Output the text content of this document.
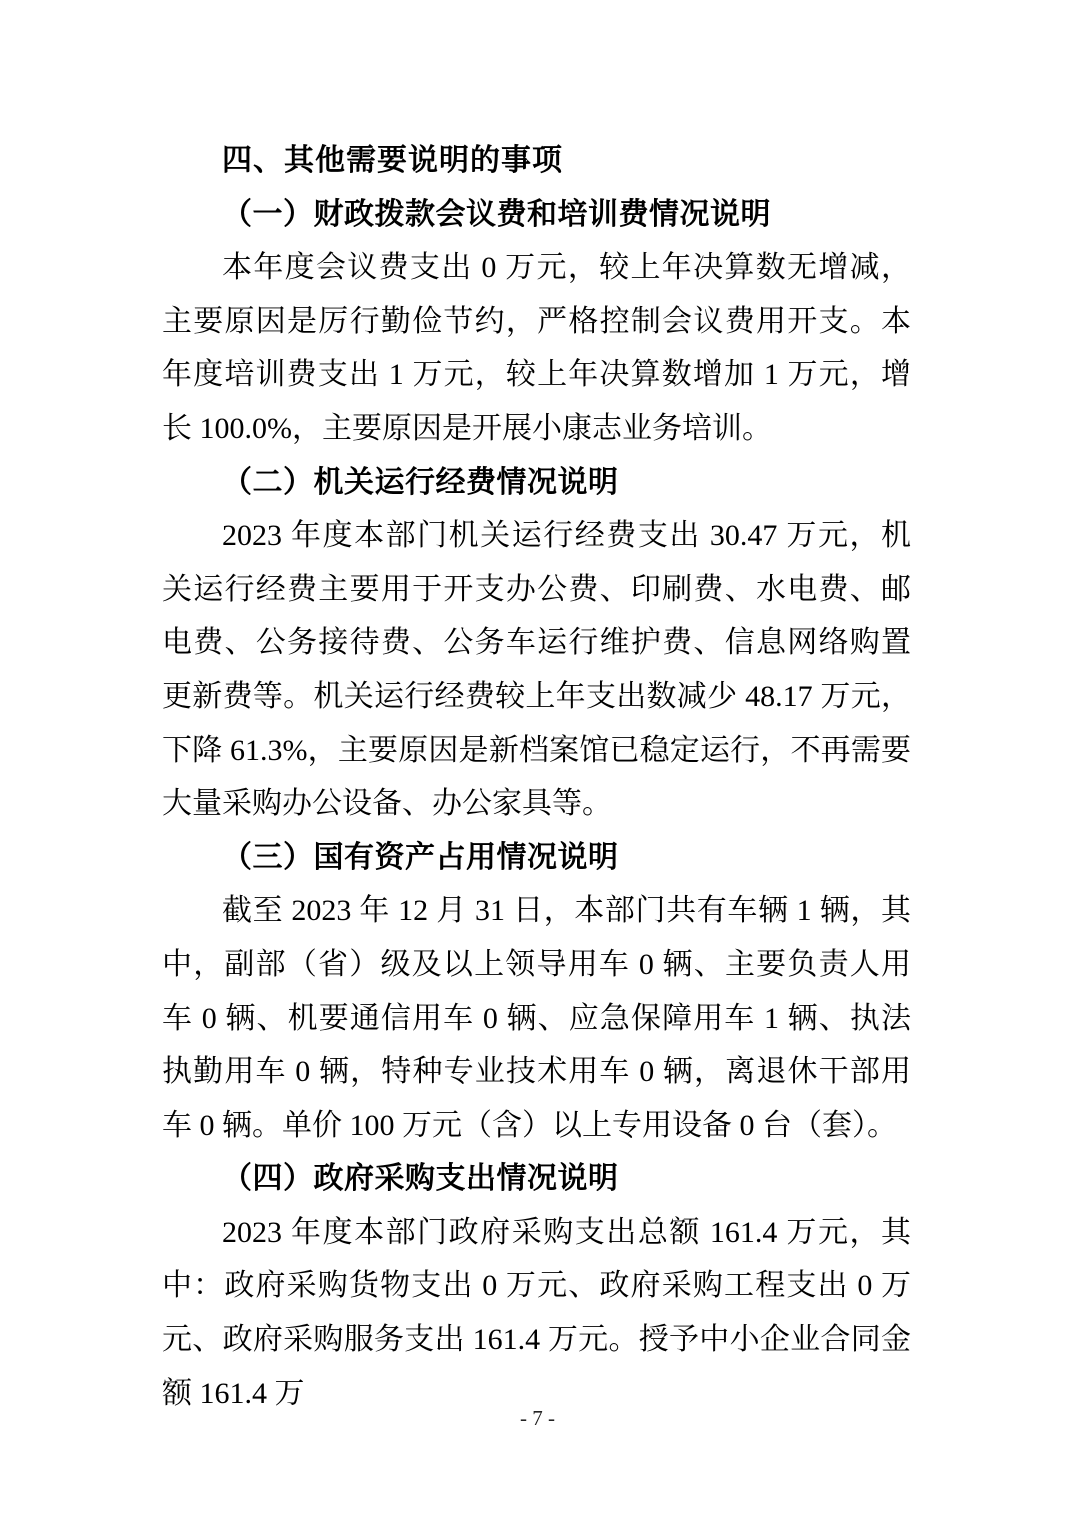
四、其他需要说明的事项
（一）财政拨款会议费和培训费情况说明
本年度会议费支出 0 万元，较上年决算数无增减，主要原因是厉行勤俭节约，严格控制会议费用开支。本年度培训费支出 1 万元，较上年决算数增加 1 万元，增长 100.0%，主要原因是开展小康志业务培训。
（二）机关运行经费情况说明
2023 年度本部门机关运行经费支出 30.47 万元，机关运行经费主要用于开支办公费、印刷费、水电费、邮电费、公务接待费、公务车运行维护费、信息网络购置更新费等。机关运行经费较上年支出数减少 48.17 万元，下降 61.3%，主要原因是新档案馆已稳定运行，不再需要大量采购办公设备、办公家具等。
（三）国有资产占用情况说明
截至 2023 年 12 月 31 日，本部门共有车辆 1 辆，其中，副部（省）级及以上领导用车 0 辆、主要负责人用车 0 辆、机要通信用车 0 辆、应急保障用车 1 辆、执法执勤用车 0 辆，特种专业技术用车 0 辆，离退休干部用车 0 辆。单价 100 万元（含）以上专用设备 0 台（套）。
（四）政府采购支出情况说明
2023 年度本部门政府采购支出总额 161.4 万元，其中：政府采购货物支出 0 万元、政府采购工程支出 0 万元、政府采购服务支出 161.4 万元。授予中小企业合同金额 161.4 万
- 7 -
